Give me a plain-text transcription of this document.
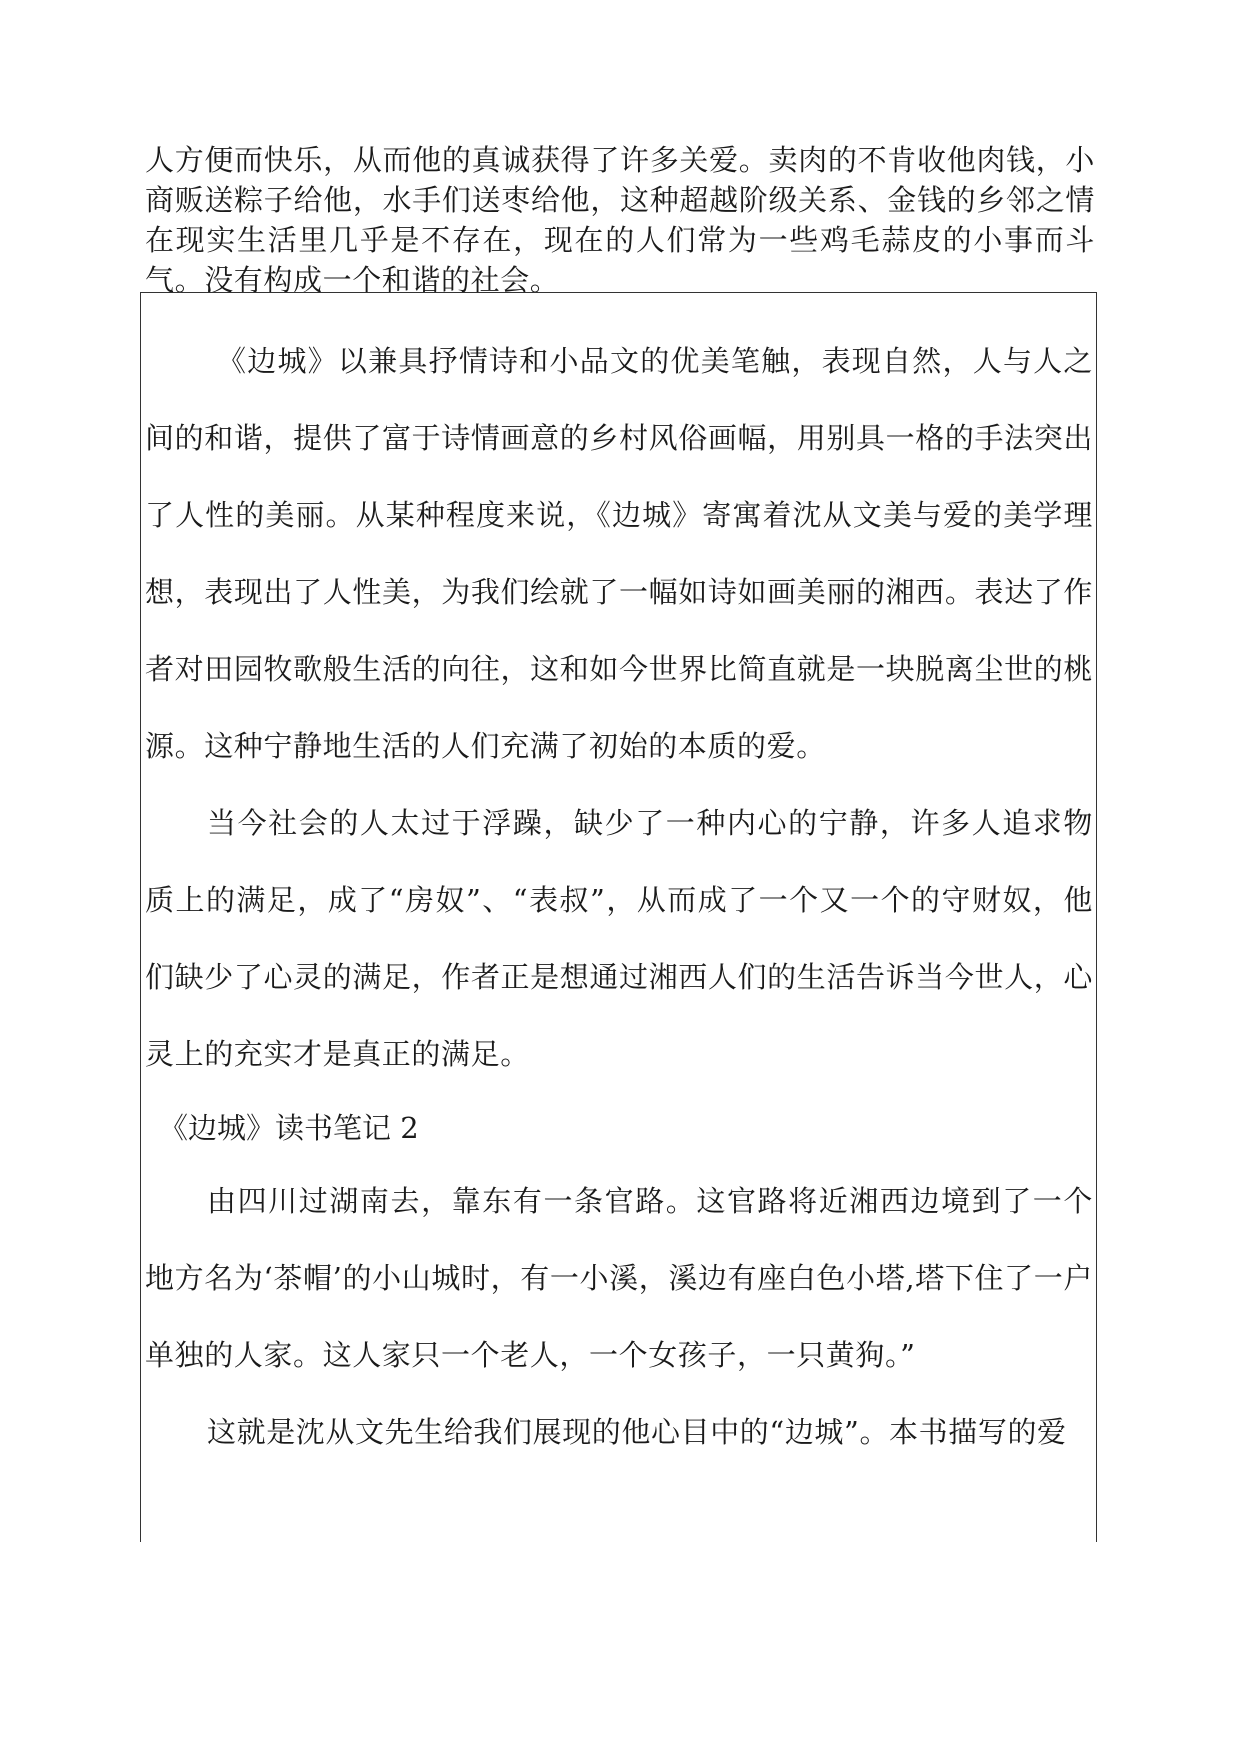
人方便而快乐，从而他的真诚获得了许多关爱。卖肉的不肯收他肉钱，小商贩送粽子给他，水手们送枣给他，这种超越阶级关系、金钱的乡邻之情在现实生活里几乎是不存在，现在的人们常为一些鸡毛蒜皮的小事而斗气。没有构成一个和谐的社会。

《边城》以兼具抒情诗和小品文的优美笔触，表现自然，人与人之间的和谐，提供了富于诗情画意的乡村风俗画幅，用别具一格的手法突出了人性的美丽。从某种程度来说，《边城》寄寓着沈从文美与爱的美学理想，表现出了人性美，为我们绘就了一幅如诗如画美丽的湘西。表达了作者对田园牧歌般生活的向往，这和如今世界比简直就是一块脱离尘世的桃源。这种宁静地生活的人们充满了初始的本质的爱。

当今社会的人太过于浮躁，缺少了一种内心的宁静，许多人追求物质上的满足，成了“房奴”、“表叔”，从而成了一个又一个的守财奴，他们缺少了心灵的满足，作者正是想通过湘西人们的生活告诉当今世人，心灵上的充实才是真正的满足。

《边城》读书笔记 2

由四川过湖南去，靠东有一条官路。这官路将近湘西边境到了一个地方名为‘茶帽’的小山城时，有一小溪，溪边有座白色小塔,塔下住了一户单独的人家。这人家只一个老人，一个女孩子，一只黄狗。”

这就是沈从文先生给我们展现的他心目中的“边城”。本书描写的爱
